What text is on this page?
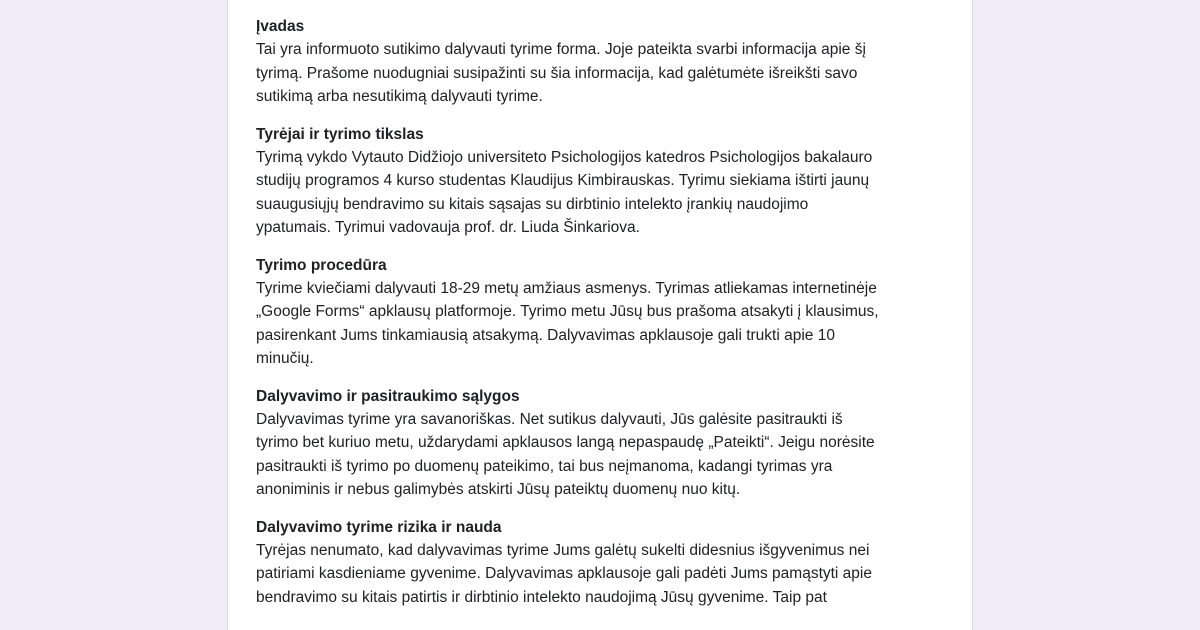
Įvadas
Tai yra informuoto sutikimo dalyvauti tyrime forma. Joje pateikta svarbi informacija apie šį
tyrimą. Prašome nuodugniai susipažinti su šia informacija, kad galėtumėte išreikšti savo
sutikimą arba nesutikimą dalyvauti tyrime.
Tyrėjai ir tyrimo tikslas
Tyrimą vykdo Vytauto Didžiojo universiteto Psichologijos katedros Psichologijos bakalauro
studijų programos 4 kurso studentas Klaudijus Kimbirauskas. Tyrimu siekiama ištirti jaunų
suaugusiųjų bendravimo su kitais sąsajas su dirbtinio intelekto įrankių naudojimo
ypatumais. Tyrimui vadovauja prof. dr. Liuda Šinkariova.
Tyrimo procedūra
Tyrime kviečiami dalyvauti 18-29 metų amžiaus asmenys. Tyrimas atliekamas internetinėje
„Google Forms“ apklausų platformoje. Tyrimo metu Jūsų bus prašoma atsakyti į klausimus,
pasirenkant Jums tinkamiausią atsakymą. Dalyvavimas apklausoje gali trukti apie 10
minučių.
Dalyvavimo ir pasitraukimo sąlygos
Dalyvavimas tyrime yra savanoriškas. Net sutikus dalyvauti, Jūs galėsite pasitraukti iš
tyrimo bet kuriuo metu, uždarydami apklausos langą nepaspaudę „Pateikti“. Jeigu norėsite
pasitraukti iš tyrimo po duomenų pateikimo, tai bus neįmanoma, kadangi tyrimas yra
anoniminis ir nebus galimybės atskirti Jūsų pateiktų duomenų nuo kitų.
Dalyvavimo tyrime rizika ir nauda
Tyrėjas nenumato, kad dalyvavimas tyrime Jums galėtų sukelti didesnius išgyvenimus nei
patiriami kasdieniame gyvenime. Dalyvavimas apklausoje gali padėti Jums pamąstyti apie
bendravimo su kitais patirtis ir dirbtinio intelekto naudojimą Jūsų gyvenime. Taip pat
